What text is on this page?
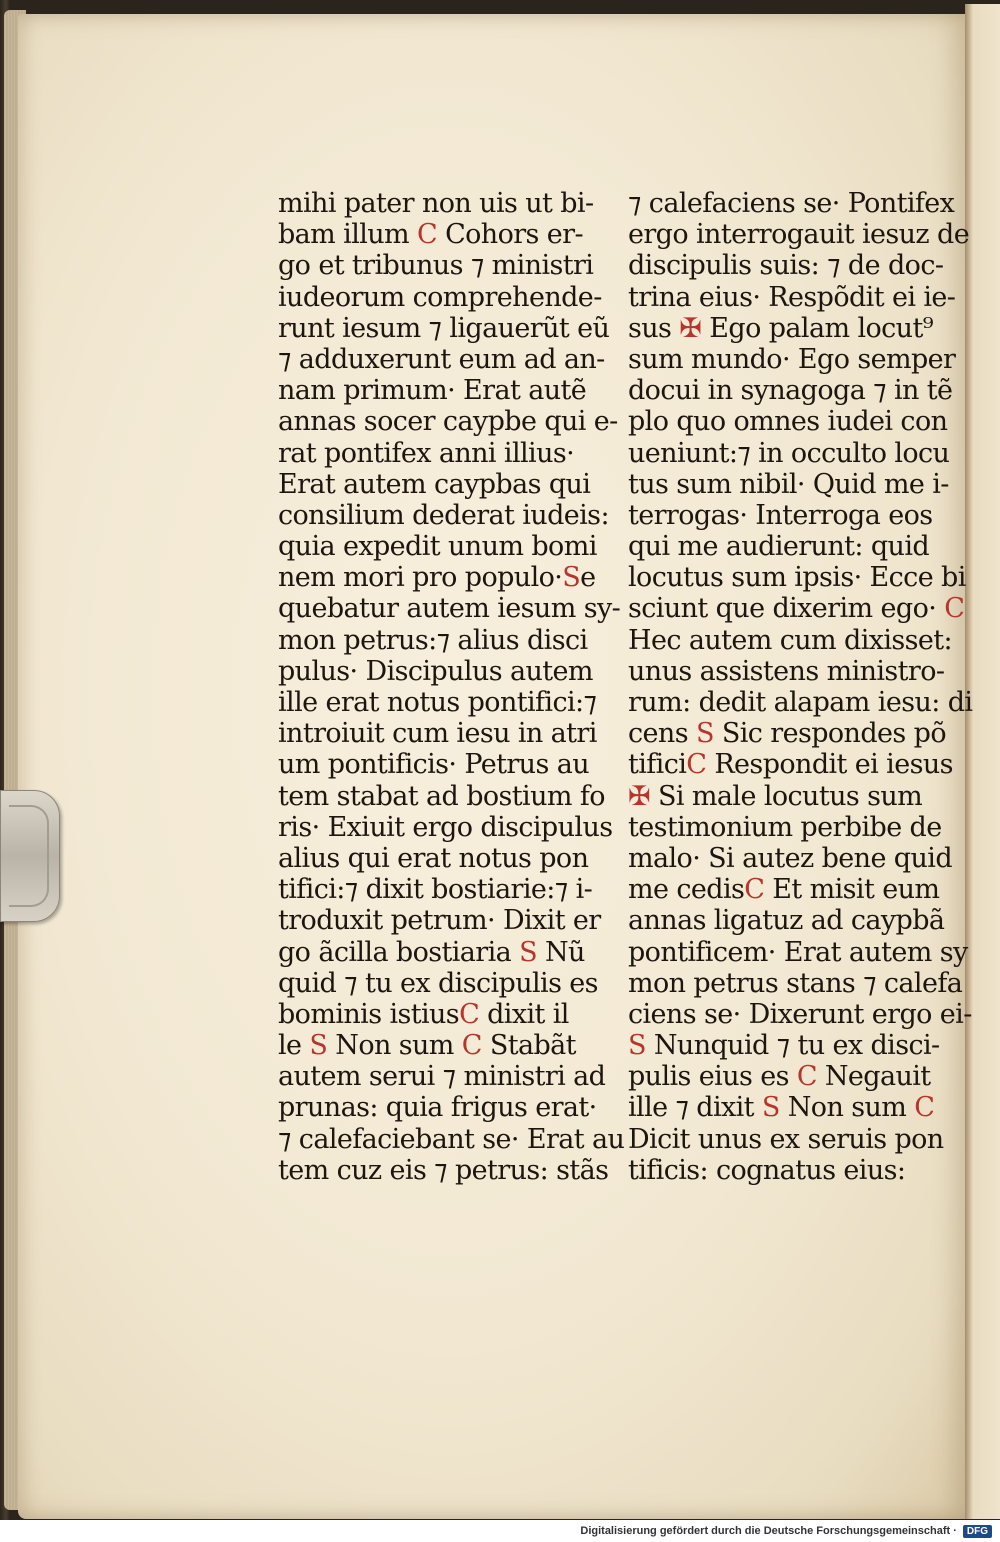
mihi pater non uis ut bi-
bam illum C Cohors er-
go et tribunus ⁊ ministri
iudeorum comprehende-
runt iesum ⁊ ligauerũt eũ
⁊ adduxerunt eum ad an-
nam primum· Erat autẽ
annas socer caypbe qui e-
rat pontifex anni illius·
Erat autem caypbas qui
consilium dederat iudeis:
quia expedit unum bomi
nem mori pro populo·Se
quebatur autem iesum sy-
mon petrus:⁊ alius disci
pulus· Discipulus autem
ille erat notus pontifici:⁊
introiuit cum iesu in atri
um pontificis· Petrus au
tem stabat ad bostium fo
ris· Exiuit ergo discipulus
alius qui erat notus pon
tifici:⁊ dixit bostiarie:⁊ i-
troduxit petrum· Dixit er
go ãcilla bostiaria S Nũ
quid ⁊ tu ex discipulis es
bominis istiusC dixit il
le S Non sum C Stabãt
autem serui ⁊ ministri ad
prunas: quia frigus erat·
⁊ calefaciebant se· Erat au
tem cuz eis ⁊ petrus: stãs
⁊ calefaciens se· Pontifex
ergo interrogauit iesuz de
discipulis suis: ⁊ de doc-
trina eius· Respõdit ei ie-
sus ✠ Ego palam locut⁹
sum mundo· Ego semper
docui in synagoga ⁊ in tẽ
plo quo omnes iudei con
ueniunt:⁊ in occulto locu
tus sum nibil· Quid me i-
terrogas· Interroga eos
qui me audierunt: quid
locutus sum ipsis· Ecce bi
sciunt que dixerim ego· C
Hec autem cum dixisset:
unus assistens ministro-
rum: dedit alapam iesu: di
cens S Sic respondes põ
tificiC Respondit ei iesus
✠ Si male locutus sum
testimonium perbibe de
malo· Si autez bene quid
me cedisC Et misit eum
annas ligatuz ad caypbã
pontificem· Erat autem sy
mon petrus stans ⁊ calefa
ciens se· Dixerunt ergo ei-
S Nunquid ⁊ tu ex disci-
pulis eius es C Negauit
ille ⁊ dixit S Non sum C
Dicit unus ex seruis pon
tificis: cognatus eius:
Digitalisierung gefördert durch die Deutsche Forschungsgemeinschaft ·	DFG
